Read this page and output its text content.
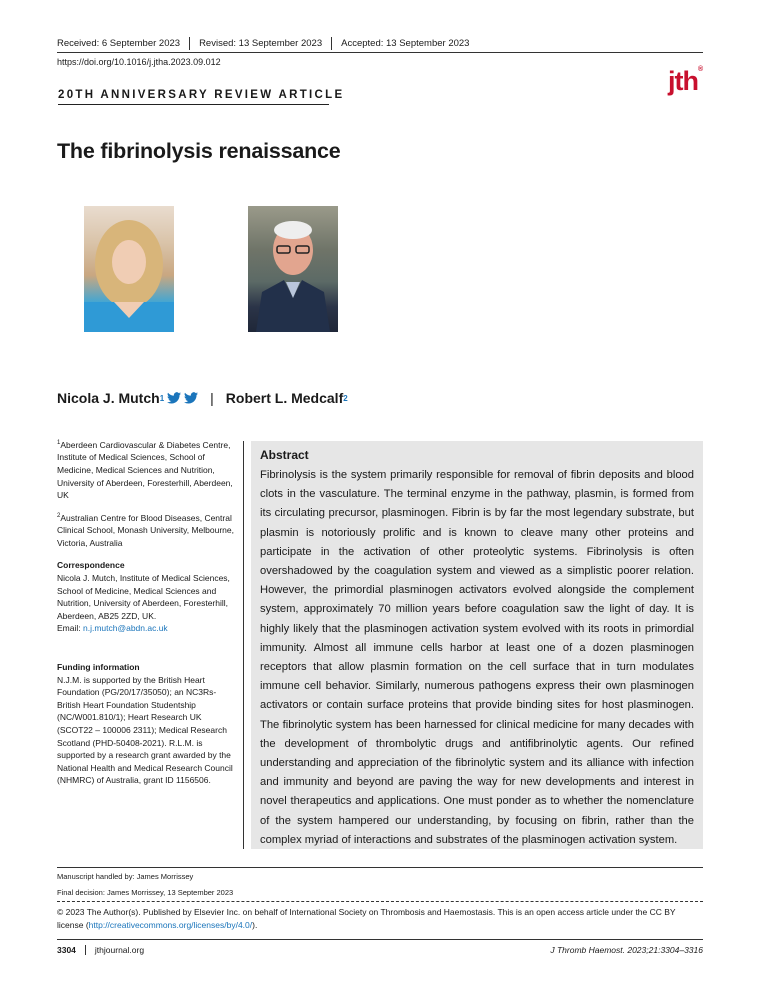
Received: 6 September 2023	Revised: 13 September 2023	Accepted: 13 September 2023
https://doi.org/10.1016/j.jtha.2023.09.012
jth®
20TH ANNIVERSARY REVIEW ARTICLE
The fibrinolysis renaissance
Nicola J. Mutch 1	| Robert L. Medcalf 2

$^1$Aberdeen Cardiovascular & Diabetes Centre, Institute of Medical Sciences, School of Medicine, Medical Sciences and Nutrition, University of Aberdeen, Foresterhill, Aberdeen, UK

$^2$Australian Centre for Blood Diseases, Central Clinical School, Monash University, Melbourne, Victoria, Australia

Correspondence

Nicola J. Mutch, Institute of Medical Sciences, School of Medicine, Medical Sciences and Nutrition, University of Aberdeen, Foresterhill, Aberdeen, AB25 2ZD, UK.

Email: n.j.mutch@abdn.ac.uk

Funding information

N.J.M. is supported by the British Heart Foundation (PG/20/17/35050); an NC3Rs-British Heart Foundation Studentship (NC/W001.810/1); Heart Research UK (SCOT22 – 100006 2311); Medical Research Scotland (PHD-50408-2021). R.L.M. is supported by a research grant awarded by the National Health and Medical Research Council (NHMRC) of Australia, grant ID 1156506.

Abstract

Fibrinolysis is the system primarily responsible for removal of fibrin deposits and blood clots in the vasculature. The terminal enzyme in the pathway, plasmin, is formed from its circulating precursor, plasminogen. Fibrin is by far the most legendary substrate, but plasmin is notoriously prolific and is known to cleave many other proteins and participate in the activation of other proteolytic systems. Fibrinolysis is often overshadowed by the coagulation system and viewed as a simplistic poorer relation. However, the primordial plasminogen activators evolved alongside the complement system, approximately 70 million years before coagulation saw the light of day. It is highly likely that the plasminogen activation system evolved with its roots in primordial immunity. Almost all immune cells harbor at least one of a dozen plasminogen receptors that allow plasmin formation on the cell surface that in turn modulates immune cell behavior. Similarly, numerous pathogens express their own plasminogen activators or contain surface proteins that provide binding sites for host plasminogen. The fibrinolytic system has been harnessed for clinical medicine for many decades with the development of thrombolytic drugs and antifibrinolytic agents. Our refined understanding and appreciation of the fibrinolytic system and its alliance with infection and immunity and beyond are paving the way for new developments and interest in novel therapeutics and applications. One must ponder as to whether the nomenclature of the system hampered our understanding, by focusing on fibrin, rather than the complex myriad of interactions and substrates of the plasminogen activation system.

Manuscript handled by: James Morrissey
Final decision: James Morrissey, 13 September 2023
© 2023 The Author(s). Published by Elsevier Inc. on behalf of International Society on Thrombosis and Haemostasis. This is an open access article under the CC BY license (http://creativecommons.org/licenses/by/4.0/).
3304	jthjournal.org	J Thromb Haemost. 2023;21:3304–3316
